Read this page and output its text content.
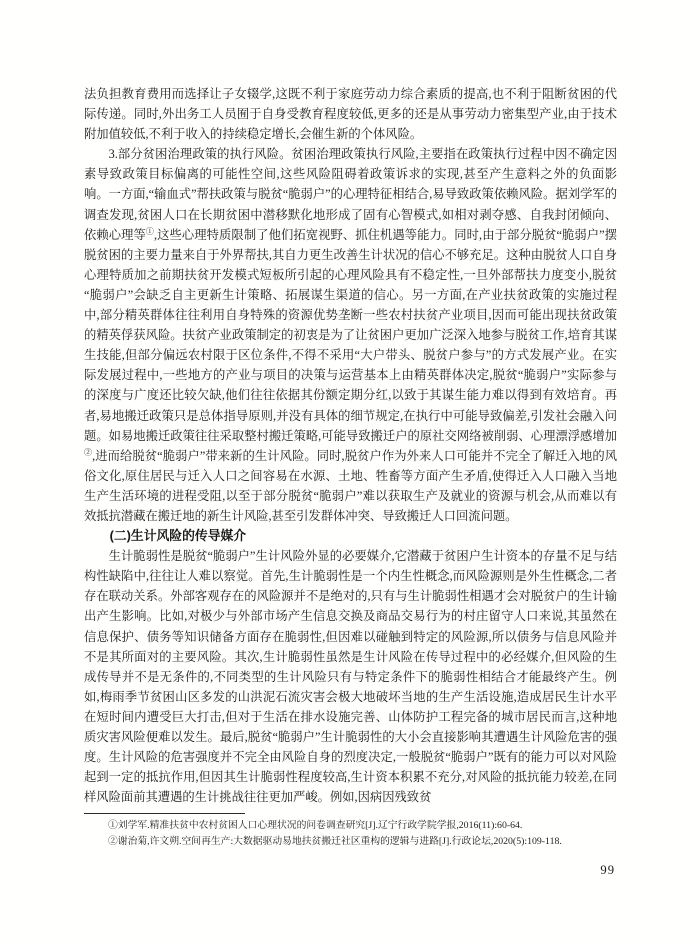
法负担教育费用而选择让子女辍学,这既不利于家庭劳动力综合素质的提高,也不利于阻断贫困的代际传递。同时,外出务工人员囿于自身受教育程度较低,更多的还是从事劳动力密集型产业,由于技术附加值较低,不利于收入的持续稳定增长,会催生新的个体风险。

3.部分贫困治理政策的执行风险。贫困治理政策执行风险,主要指在政策执行过程中因不确定因素导致政策目标偏离的可能性空间,这些风险阻碍着政策诉求的实现,甚至产生意料之外的负面影响。一方面,“输血式”帮扶政策与脱贫“脆弱户”的心理特征相结合,易导致政策依赖风险。据刘学军的调查发现,贫困人口在长期贫困中潜移默化地形成了固有心智模式,如相对剥夺感、自我封闭倾向、依赖心理等①,这些心理特质限制了他们拓宽视野、抓住机遇等能力。同时,由于部分脱贫“脆弱户”摆脱贫困的主要力量来自于外界帮扶,其自力更生改善生计状况的信心不够充足。这种由脱贫人口自身心理特质加之前期扶贫开发模式短板所引起的心理风险具有不稳定性,一旦外部帮扶力度变小,脱贫“脆弱户”会缺乏自主更新生计策略、拓展谋生渠道的信心。另一方面,在产业扶贫政策的实施过程中,部分精英群体往往利用自身特殊的资源优势垄断一些农村扶贫产业项目,因而可能出现扶贫政策的精英俘获风险。扶贫产业政策制定的初衷是为了让贫困户更加广泛深入地参与脱贫工作,培育其谋生技能,但部分偏远农村限于区位条件,不得不采用“大户带头、脱贫户参与”的方式发展产业。在实际发展过程中,一些地方的产业与项目的决策与运营基本上由精英群体决定,脱贫“脆弱户”实际参与的深度与广度还比较欠缺,他们往往依据其份额定期分红,以致于其谋生能力难以得到有效培育。再者,易地搬迁政策只是总体指导原则,并没有具体的细节规定,在执行中可能导致偏差,引发社会融入问题。如易地搬迁政策往往采取整村搬迁策略,可能导致搬迁户的原社交网络被削弱、心理漂浮感增加②,进而给脱贫“脆弱户”带来新的生计风险。同时,脱贫户作为外来人口可能并不完全了解迁入地的风俗文化,原住居民与迁入人口之间容易在水源、土地、牲畜等方面产生矛盾,使得迁入人口融入当地生产生活环境的进程受阻,以至于部分脱贫“脆弱户”难以获取生产及就业的资源与机会,从而难以有效抵抗潜藏在搬迁地的新生计风险,甚至引发群体冲突、导致搬迁人口回流问题。

(二)生计风险的传导媒介

生计脆弱性是脱贫“脆弱户”生计风险外显的必要媒介,它潜藏于贫困户生计资本的存量不足与结构性缺陷中,往往让人难以察觉。首先,生计脆弱性是一个内生性概念,而风险源则是外生性概念,二者存在联动关系。外部客观存在的风险源并不是绝对的,只有与生计脆弱性相遇才会对脱贫户的生计输出产生影响。比如,对极少与外部市场产生信息交换及商品交易行为的村庄留守人口来说,其虽然在信息保护、债务等知识储备方面存在脆弱性,但因难以碰触到特定的风险源,所以债务与信息风险并不是其所面对的主要风险。其次,生计脆弱性虽然是生计风险在传导过程中的必经媒介,但风险的生成传导并不是无条件的,不同类型的生计风险只有与特定条件下的脆弱性相结合才能最终产生。例如,梅雨季节贫困山区多发的山洪泥石流灾害会极大地破坏当地的生产生活设施,造成居民生计水平在短时间内遭受巨大打击,但对于生活在排水设施完善、山体防护工程完备的城市居民而言,这种地质灾害风险便难以发生。最后,脱贫“脆弱户”生计脆弱性的大小会直接影响其遭遇生计风险危害的强度。生计风险的危害强度并不完全由风险自身的烈度决定,一般脱贫“脆弱户”既有的能力可以对风险起到一定的抵抗作用,但因其生计脆弱性程度较高,生计资本积累不充分,对风险的抵抗能力较差,在同样风险面前其遭遇的生计挑战往往更加严峻。例如,因病因残致贫

①刘学军.精准扶贫中农村贫困人口心理状况的问卷调查研究[J].辽宁行政学院学报,2016(11):60-64.
②谢治菊,许文朔.空间再生产:大数据驱动易地扶贫搬迁社区重构的逻辑与进路[J].行政论坛,2020(5):109-118.
99
